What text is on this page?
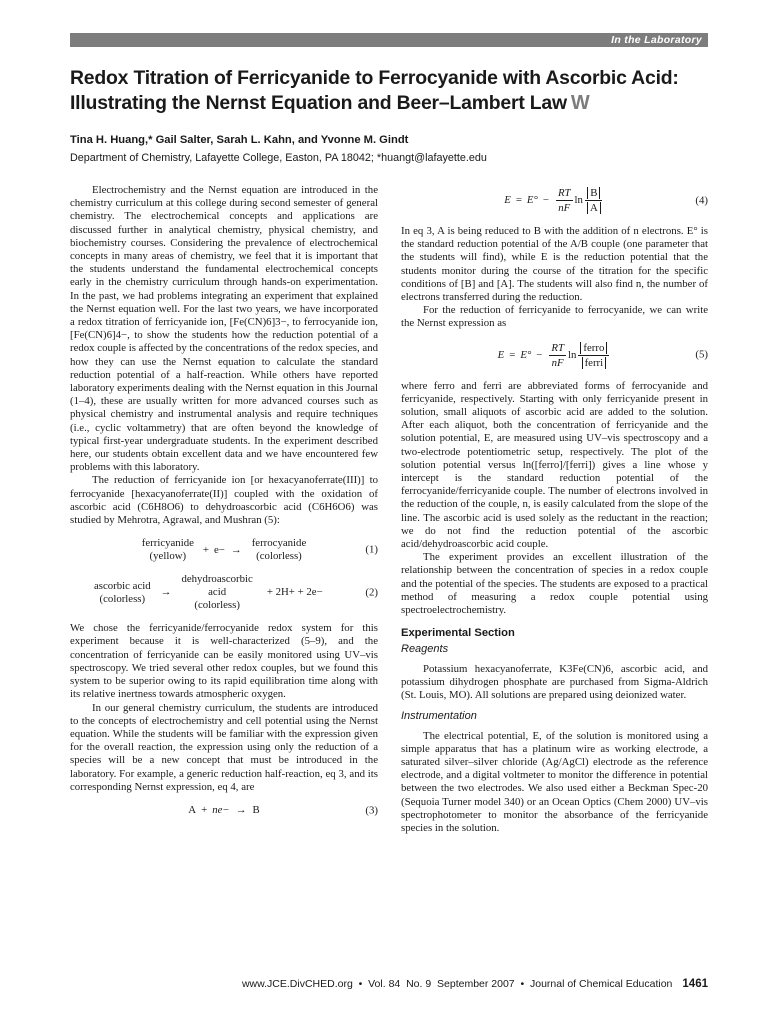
In the Laboratory
Redox Titration of Ferricyanide to Ferrocyanide with Ascorbic Acid: Illustrating the Nernst Equation and Beer–Lambert Law W
Tina H. Huang,* Gail Salter, Sarah L. Kahn, and Yvonne M. Gindt
Department of Chemistry, Lafayette College, Easton, PA 18042; *huangt@lafayette.edu

Electrochemistry and the Nernst equation are introduced in the chemistry curriculum at this college during second semester of general chemistry. The electrochemical concepts and applications are discussed further in analytical chemistry, physical chemistry, and biochemistry courses. Considering the prevalence of electrochemical concepts in many areas of chemistry, we feel that it is important that the students understand the fundamental electrochemical concepts early in the chemistry curriculum through hands-on experimentation. In the past, we had problems integrating an experiment that explained the Nernst equation well. For the last two years, we have incorporated a redox titration of ferricyanide ion, [Fe(CN)6]3−, to ferrocyanide ion, [Fe(CN)6]4−, to show the students how the reduction potential of a redox couple is affected by the concentrations of the redox species, and how they can use the Nernst equation to calculate the standard reduction potential of a half-reaction. While others have reported laboratory experiments dealing with the Nernst equation in this Journal (1–4), these are usually written for more advanced courses such as physical chemistry and instrumental analysis and require techniques (i.e., cyclic voltammetry) that are often beyond the knowledge of typical first-year undergraduate students. In the experiment described here, our students obtain excellent data and we have encountered few problems with this laboratory.

The reduction of ferricyanide ion [or hexacyanoferrate(III)] to ferrocyanide [hexacyanoferrate(II)] coupled with the oxidation of ascorbic acid (C6H8O6) to dehydroascorbic acid (C6H6O6) was studied by Mehrotra, Agrawal, and Mushran (5):

ferricyanide
(yellow)
+ e− →
ferrocyanide
(colorless)
(1)
ascorbic acid
(colorless)
→
dehydroascorbic
acid
(colorless)
+ 2H+ + 2e−	(2)

We chose the ferricyanide/ferrocyanide redox system for this experiment because it is well-characterized (5–9), and the concentration of ferricyanide can be easily monitored using UV–vis spectroscopy. We tried several other redox couples, but we found this system to be superior owing to its rapid equilibration time along with its relative inertness towards atmospheric oxygen.

In our general chemistry curriculum, the students are introduced to the concepts of electrochemistry and cell potential using the Nernst equation. While the students will be familiar with the expression given for the overall reaction, the expression using only the reduction of a species will be a new concept that must be introduced in the laboratory. For example, a generic reduction half-reaction, eq 3, and its corresponding Nernst expression, eq 4, are

A + ne− → B	(3)
$E = E^\circ - \frac{RT}{nF}$ $\ln \frac{B}{A}$	(4)

In eq 3, A is being reduced to B with the addition of n electrons. E° is the standard reduction potential of the A/B couple (one parameter that the students will find), while E is the reduction potential that the students monitor during the course of the titration for the specific conditions of [B] and [A]. The students will also find n, the number of electrons transferred during the reduction.

For the reduction of ferricyanide to ferrocyanide, we can write the Nernst expression as

$E = E^\circ - \frac{RT}{nF}$ $\ln \frac{\text{ferro}}{\text{ferri}}$	(5)

where ferro and ferri are abbreviated forms of ferrocyanide and ferricyanide, respectively. Starting with only ferricyanide present in solution, small aliquots of ascorbic acid are added to the solution. After each aliquot, both the concentration of ferricyanide and the solution potential, E, are measured using UV–vis spectroscopy and a two-electrode potentiometric setup, respectively. The plot of the solution potential versus ln([ferro]/[ferri]) gives a line whose y intercept is the standard reduction potential of the ferrocyanide/ferricyanide couple. The number of electrons involved in the reduction of the couple, n, is easily calculated from the slope of the line. The ascorbic acid is used solely as the reductant in the reaction; we do not find the reduction potential of the ascorbic acid/dehydroascorbic acid couple.

The experiment provides an excellent illustration of the relationship between the concentration of species in a redox couple and the potential of the species. The students are exposed to a practical method of measuring a redox couple potential using spectroelectrochemistry.

Experimental Section
Reagents

Potassium hexacyanoferrate, K3Fe(CN)6, ascorbic acid, and potassium dihydrogen phosphate are purchased from Sigma-Aldrich (St. Louis, MO). All solutions are prepared using deionized water.

Instrumentation

The electrical potential, E, of the solution is monitored using a simple apparatus that has a platinum wire as working electrode, a saturated silver–silver chloride (Ag/AgCl) electrode as the reference electrode, and a digital voltmeter to monitor the difference in potential between the two electrodes. We also used either a Beckman Spec-20 (Sequoia Turner model 340) or an Ocean Optics (Chem 2000) UV–vis spectrophotometer to monitor the absorbance of the ferricyanide species in the solution.

www.JCE.DivCHED.org  •  Vol. 84  No. 9  September 2007  •  Journal of Chemical Education 1461
